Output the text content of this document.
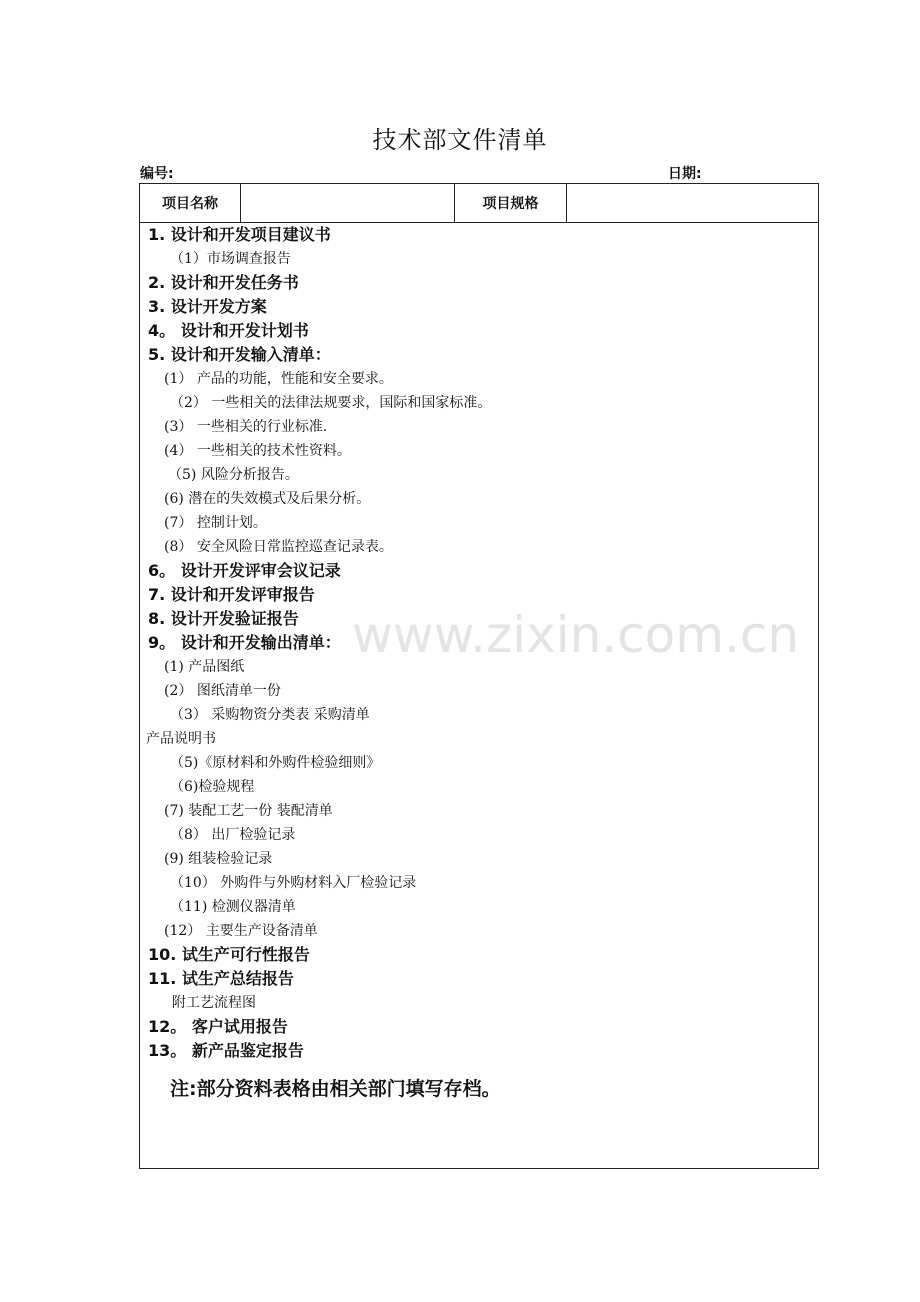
技术部文件清单
编号:	日期:
项目名称	项目规格
1. 设计和开发项目建议书
（1）市场调查报告
2. 设计和开发任务书
3. 设计开发方案
4。 设计和开发计划书
5. 设计和开发输入清单：
(1） 产品的功能，性能和安全要求。
（2） 一些相关的法律法规要求，国际和国家标准。
(3） 一些相关的行业标准.
(4） 一些相关的技术性资料。
（5) 风险分析报告。
(6) 潜在的失效模式及后果分析。
(7） 控制计划。
(8） 安全风险日常监控巡查记录表。
6。 设计开发评审会议记录
7. 设计和开发评审报告
8. 设计开发验证报告
9。 设计和开发输出清单：
(1) 产品图纸
(2） 图纸清单一份
（3） 采购物资分类表 采购清单
产品说明书
（5)《原材料和外购件检验细则》
（6)检验规程
(7) 装配工艺一份 装配清单
（8） 出厂检验记录
(9) 组装检验记录
（10） 外购件与外购材料入厂检验记录
（11) 检测仪器清单
(12） 主要生产设备清单
10. 试生产可行性报告
11. 试生产总结报告
附工艺流程图
12。 客户试用报告
13。 新产品鉴定报告
注:部分资料表格由相关部门填写存档。
www.zixin.com.cn
